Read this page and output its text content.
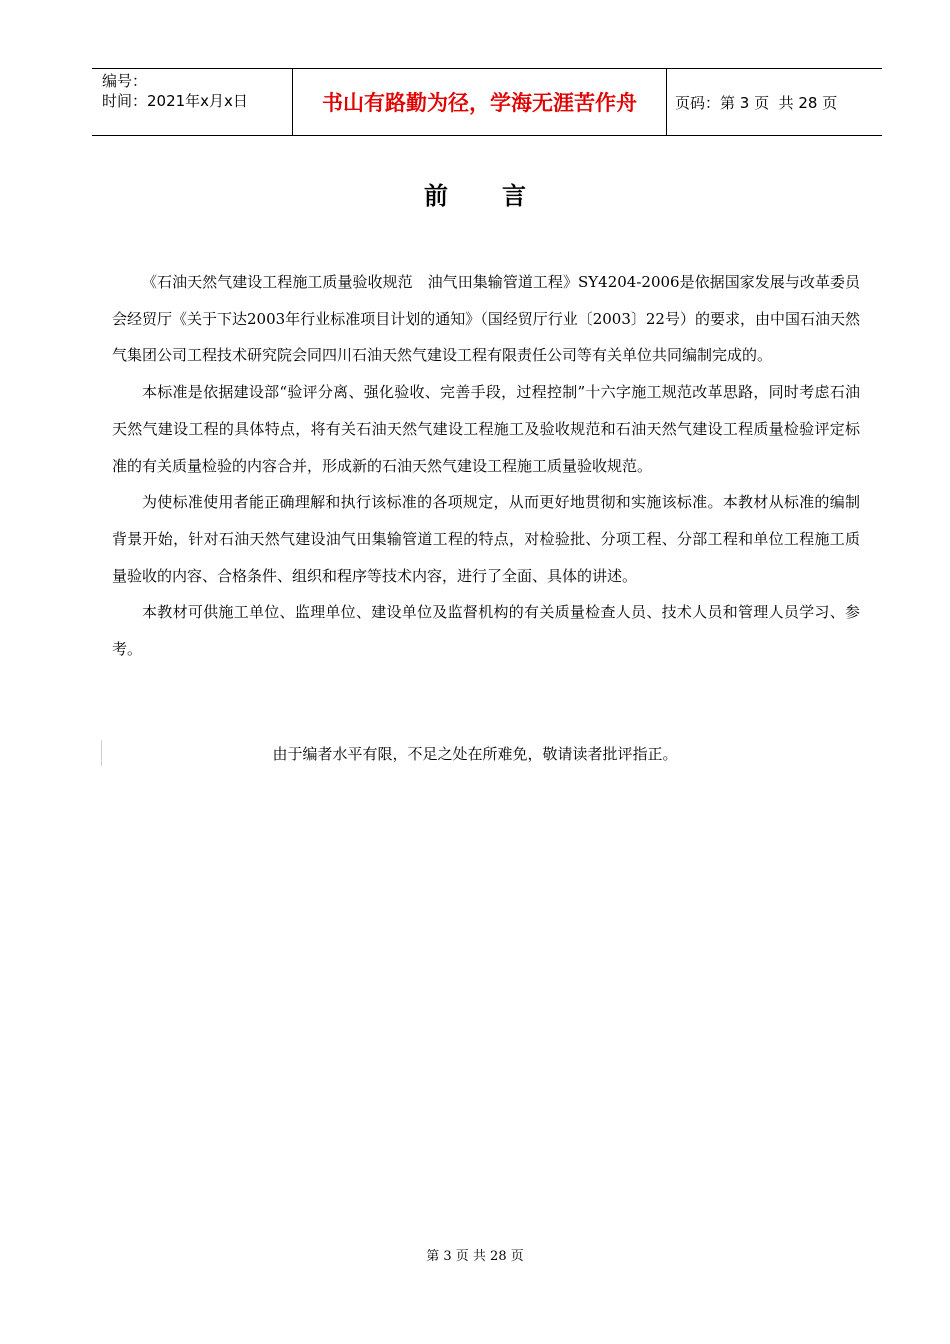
编号：
时间：2021年x月x日	书山有路勤为径，学海无涯苦作舟	页码：第 3 页  共 28 页
前言

《石油天然气建设工程施工质量验收规范　油气田集输管道工程》SY4204-2006是依据国家发展与改革委员会经贸厅《关于下达2003年行业标准项目计划的通知》（国经贸厅行业〔2003〕22号）的要求，由中国石油天然气集团公司工程技术研究院会同四川石油天然气建设工程有限责任公司等有关单位共同编制完成的。

本标准是依据建设部“验评分离、强化验收、完善手段，过程控制”十六字施工规范改革思路，同时考虑石油天然气建设工程的具体特点，将有关石油天然气建设工程施工及验收规范和石油天然气建设工程质量检验评定标准的有关质量检验的内容合并，形成新的石油天然气建设工程施工质量验收规范。

为使标准使用者能正确理解和执行该标准的各项规定，从而更好地贯彻和实施该标准。本教材从标准的编制背景开始，针对石油天然气建设油气田集输管道工程的特点，对检验批、分项工程、分部工程和单位工程施工质量验收的内容、合格条件、组织和程序等技术内容，进行了全面、具体的讲述。

本教材可供施工单位、监理单位、建设单位及监督机构的有关质量检查人员、技术人员和管理人员学习、参考。

由于编者水平有限，不足之处在所难免，敬请读者批评指正。
第 3 页 共 28 页
